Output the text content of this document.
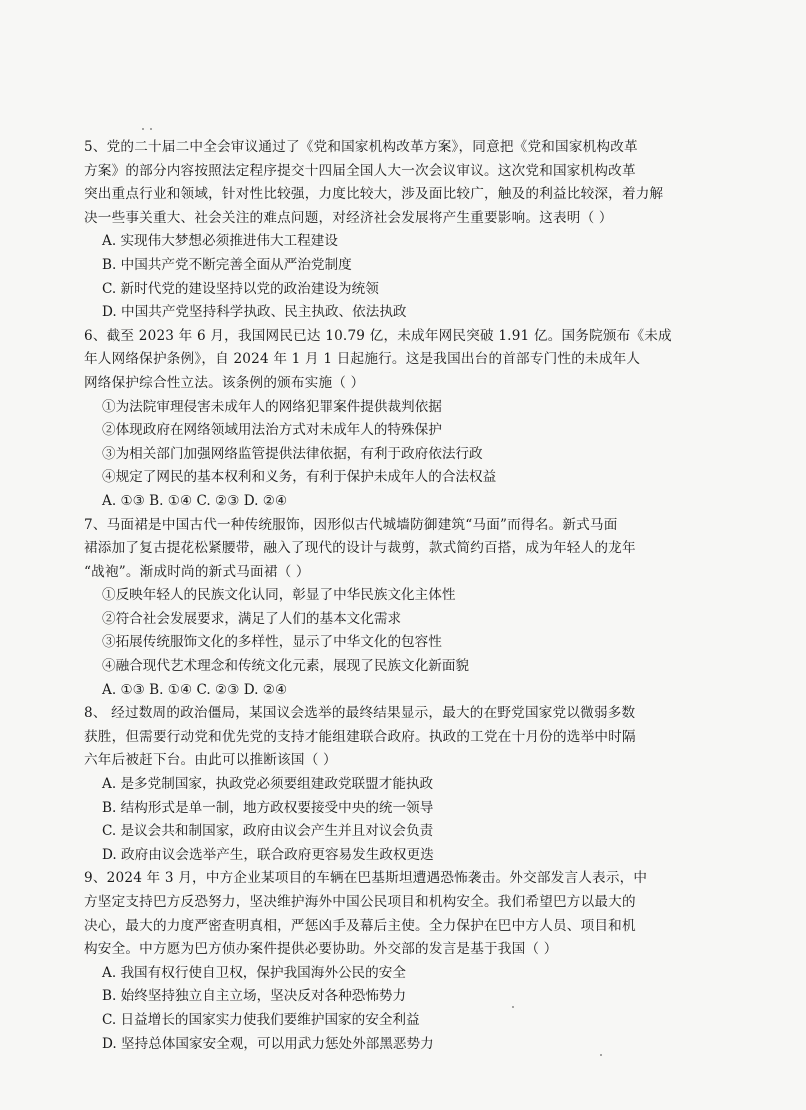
5、党的二十届二中全会审议通过了《党和国家机构改革方案》，同意把《党和国家机构改革
方案》的部分内容按照法定程序提交十四届全国人大一次会议审议。这次党和国家机构改革
突出重点行业和领域，针对性比较强，力度比较大，涉及面比较广，触及的利益比较深，着力解
决一些事关重大、社会关注的难点问题，对经济社会发展将产生重要影响。这表明（ ）
A. 实现伟大梦想必须推进伟大工程建设
B. 中国共产党不断完善全面从严治党制度
C. 新时代党的建设坚持以党的政治建设为统领
D. 中国共产党坚持科学执政、民主执政、依法执政
6、截至 2023 年 6 月，我国网民已达 10.79 亿，未成年网民突破 1.91 亿。国务院颁布《未成
年人网络保护条例》，自 2024 年 1 月 1 日起施行。这是我国出台的首部专门性的未成年人
网络保护综合性立法。该条例的颁布实施（ ）
①为法院审理侵害未成年人的网络犯罪案件提供裁判依据
②体现政府在网络领域用法治方式对未成年人的特殊保护
③为相关部门加强网络监管提供法律依据，有利于政府依法行政
④规定了网民的基本权利和义务，有利于保护未成年人的合法权益
A. ①③ B. ①④ C. ②③ D. ②④
7、马面裙是中国古代一种传统服饰，因形似古代城墙防御建筑“马面”而得名。新式马面
裙添加了复古提花松紧腰带，融入了现代的设计与裁剪，款式简约百搭，成为年轻人的龙年
“战袍”。渐成时尚的新式马面裙（ ）
①反映年轻人的民族文化认同，彰显了中华民族文化主体性
②符合社会发展要求，满足了人们的基本文化需求
③拓展传统服饰文化的多样性，显示了中华文化的包容性
④融合现代艺术理念和传统文化元素，展现了民族文化新面貌
A. ①③ B. ①④ C. ②③ D. ②④
8、 经过数周的政治僵局，某国议会选举的最终结果显示，最大的在野党国家党以微弱多数
获胜，但需要行动党和优先党的支持才能组建联合政府。执政的工党在十月份的选举中时隔
六年后被赶下台。由此可以推断该国（ ）
A. 是多党制国家，执政党必须要组建政党联盟才能执政
B. 结构形式是单一制，地方政权要接受中央的统一领导
C. 是议会共和制国家，政府由议会产生并且对议会负责
D. 政府由议会选举产生，联合政府更容易发生政权更迭
9、2024 年 3 月，中方企业某项目的车辆在巴基斯坦遭遇恐怖袭击。外交部发言人表示，中
方坚定支持巴方反恐努力，坚决维护海外中国公民项目和机构安全。我们希望巴方以最大的
决心，最大的力度严密查明真相，严惩凶手及幕后主使。全力保护在巴中方人员、项目和机
构安全。中方愿为巴方侦办案件提供必要协助。外交部的发言是基于我国（ ）
A. 我国有权行使自卫权，保护我国海外公民的安全
B. 始终坚持独立自主立场，坚决反对各种恐怖势力
C. 日益增长的国家实力使我们要维护国家的安全利益
D. 坚持总体国家安全观，可以用武力惩处外部黑恶势力
